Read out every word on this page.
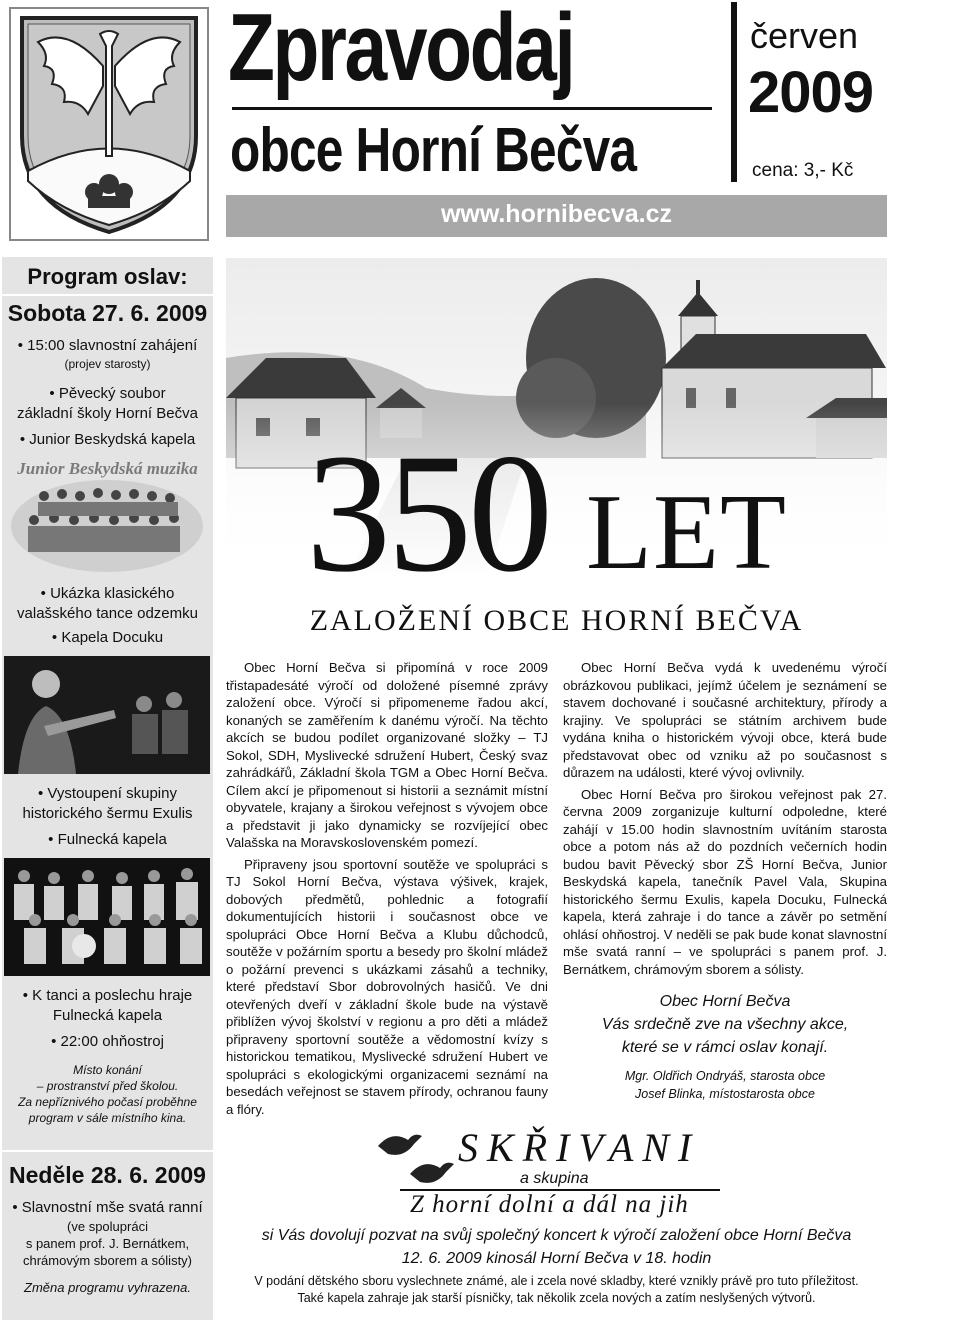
Zpravodaj
obce Horní Bečva
červen
2009
cena: 3,- Kč
www.hornibecva.cz
Program oslav:
Sobota 27. 6. 2009
• 15:00 slavnostní zahájení
(projev starosty)
• Pěvecký soubor
základní školy Horní Bečva
• Junior Beskydská kapela
Junior Beskydská muzika
• Ukázka klasického
valašského tance odzemku
• Kapela Docuku
• Vystoupení skupiny
historického šermu Exulis
• Fulnecká kapela
• K tanci a poslechu hraje
Fulnecká kapela
• 22:00 ohňostroj
Místo konání
– prostranství před školou.
Za nepříznivého počasí proběhne
program v sále místního kina.
Neděle 28. 6. 2009
• Slavnostní mše svatá ranní
(ve spolupráci
s panem prof. J. Bernátkem,
chrámovým sborem a sólisty)
Změna programu vyhrazena.
350 LET
ZALOŽENÍ OBCE HORNÍ BEČVA

Obec Horní Bečva si připomíná v roce 2009 třistapadesáté výročí od doložené písemné zprávy založení obce. Výročí si připomeneme řadou akcí, konaných se zaměřením k danému výročí. Na těchto akcích se budou podílet organizované složky – TJ Sokol, SDH, Myslivecké sdružení Hubert, Český svaz zahrádkářů, Základní škola TGM a Obec Horní Bečva. Cílem akcí je připomenout si historii a seznámit místní obyvatele, krajany a širokou veřejnost s vývojem obce a představit ji jako dynamicky se rozvíjející obec Valašska na Moravskoslovenském pomezí.

Připraveny jsou sportovní soutěže ve spolupráci s TJ Sokol Horní Bečva, výstava výšivek, krajek, dobových předmětů, pohlednic a fotografií dokumentujících historii i současnost obce ve spolupráci Obce Horní Bečva a Klubu důchodců, soutěže v požárním sportu a besedy pro školní mládež o požární prevenci s ukázkami zásahů a techniky, které představí Sbor dobrovolných hasičů. Ve dni otevřených dveří v základní škole bude na výstavě přiblížen vývoj školství v regionu a pro děti a mládež připraveny sportovní soutěže a vědomostní kvízy s historickou tematikou, Myslivecké sdružení Hubert ve spolupráci s ekologickými organizacemi seznámí na besedách veřejnost se stavem přírody, ochranou fauny a flóry.

Obec Horní Bečva vydá k uvedenému výročí obrázkovou publikaci, jejímž účelem je seznámení se stavem dochované i současné architektury, přírody a krajiny. Ve spolupráci se státním archivem bude vydána kniha o historickém vývoji obce, která bude představovat obec od vzniku až po současnost s důrazem na události, které vývoj ovlivnily.

Obec Horní Bečva pro širokou veřejnost pak 27. června 2009 zorganizuje kulturní odpoledne, které zahájí v 15.00 hodin slavnostním uvítáním starosta obce a potom nás až do pozdních večerních hodin budou bavit Pěvecký sbor ZŠ Horní Bečva, Junior Beskydská kapela, tanečník Pavel Vala, Skupina historického šermu Exulis, kapela Docuku, Fulnecká kapela, která zahraje i do tance a závěr po setmění ohlásí ohňostroj. V neděli se pak bude konat slavnostní mše svatá ranní – ve spolupráci s panem prof. J. Bernátkem, chrámovým sborem a sólisty.

Obec Horní Bečva
Vás srdečně zve na všechny akce,
které se v rámci oslav konají.
Mgr. Oldřich Ondryáš, starosta obce
Josef Blinka, místostarosta obce
SKŘIVANI
a skupina
Z horní dolní a dál na jih
si Vás dovolují pozvat na svůj společný koncert k výročí založení obce Horní Bečva
12. 6. 2009 kinosál Horní Bečva v 18. hodin
V podání dětského sboru vyslechnete známé, ale i zcela nové skladby, které vznikly právě pro tuto příležitost.
Také kapela zahraje jak starší písničky, tak několik zcela nových a zatím neslyšených výtvorů.
